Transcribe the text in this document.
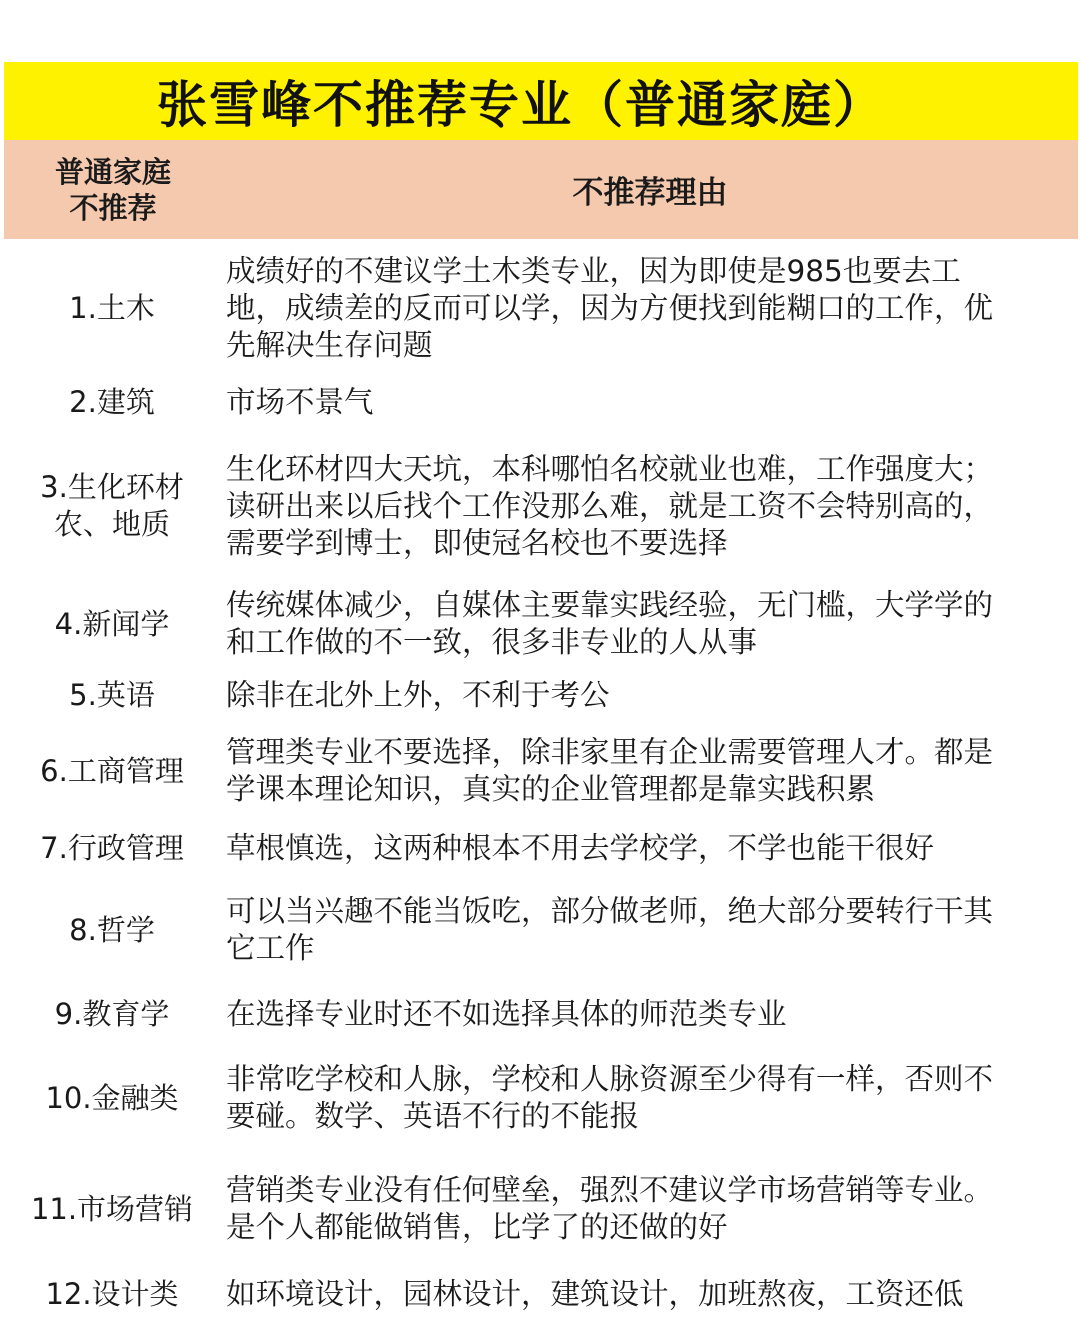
张雪峰不推荐专业（普通家庭）
普通家庭
不推荐	不推荐理由
1.土木
成绩好的不建议学土木类专业，因为即使是985也要去工
地，成绩差的反而可以学，因为方便找到能糊口的工作，优
先解决生存问题
2.建筑 市场不景气
3.生化环材
农、地质
生化环材四大天坑，本科哪怕名校就业也难，工作强度大；
读研出来以后找个工作没那么难，就是工资不会特别高的，
需要学到博士，即使冠名校也不要选择
4.新闻学
传统媒体减少，自媒体主要靠实践经验，无门槛，大学学的
和工作做的不一致，很多非专业的人从事
5.英语 除非在北外上外，不利于考公
6.工商管理
管理类专业不要选择，除非家里有企业需要管理人才。都是
学课本理论知识，真实的企业管理都是靠实践积累
7.行政管理 草根慎选，这两种根本不用去学校学，不学也能干很好
8.哲学
可以当兴趣不能当饭吃，部分做老师，绝大部分要转行干其
它工作
9.教育学 在选择专业时还不如选择具体的师范类专业
10.金融类
非常吃学校和人脉，学校和人脉资源至少得有一样，否则不
要碰。数学、英语不行的不能报
11.市场营销
营销类专业没有任何壁垒，强烈不建议学市场营销等专业。
是个人都能做销售，比学了的还做的好
12.设计类 如环境设计，园林设计，建筑设计，加班熬夜，工资还低
